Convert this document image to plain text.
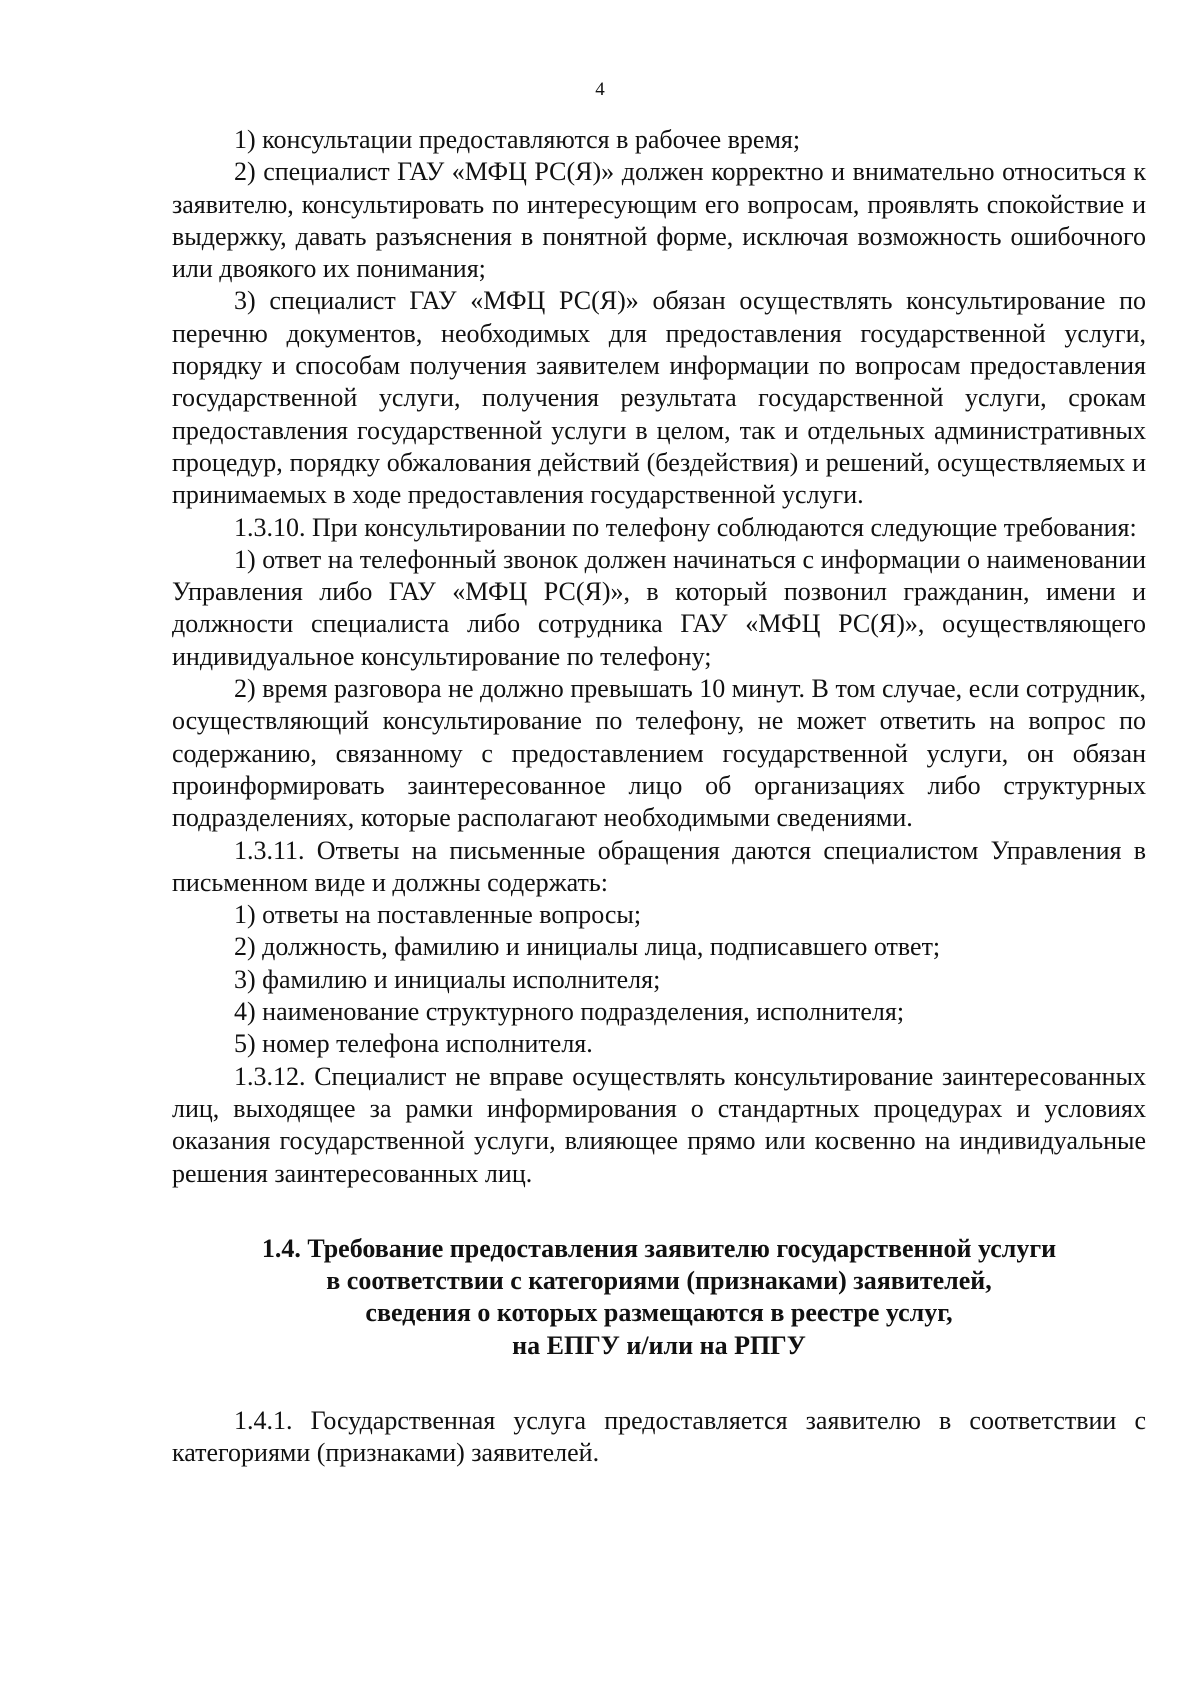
4

1) консультации предоставляются в рабочее время;

2) специалист ГАУ «МФЦ РС(Я)» должен корректно и внимательно относиться к заявителю, консультировать по интересующим его вопросам, проявлять спокойствие и выдержку, давать разъяснения в понятной форме, исключая возможность ошибочного или двоякого их понимания;

3) специалист ГАУ «МФЦ РС(Я)» обязан осуществлять консультирование по перечню документов, необходимых для предоставления государственной услуги, порядку и способам получения заявителем информации по вопросам предоставления государственной услуги, получения результата государственной услуги, срокам предоставления государственной услуги в целом, так и отдельных административных процедур, порядку обжалования действий (бездействия) и решений, осуществляемых и принимаемых в ходе предоставления государственной услуги.

1.3.10. При консультировании по телефону соблюдаются следующие требования:

1) ответ на телефонный звонок должен начинаться с информации о наименовании Управления либо ГАУ «МФЦ РС(Я)», в который позвонил гражданин, имени и должности специалиста либо сотрудника ГАУ «МФЦ РС(Я)», осуществляющего индивидуальное консультирование по телефону;

2) время разговора не должно превышать 10 минут. В том случае, если сотрудник, осуществляющий консультирование по телефону, не может ответить на вопрос по содержанию, связанному с предоставлением государственной услуги, он обязан проинформировать заинтересованное лицо об организациях либо структурных подразделениях, которые располагают необходимыми сведениями.

1.3.11. Ответы на письменные обращения даются специалистом Управления в письменном виде и должны содержать:

1) ответы на поставленные вопросы;

2) должность, фамилию и инициалы лица, подписавшего ответ;

3) фамилию и инициалы исполнителя;

4) наименование структурного подразделения, исполнителя;

5) номер телефона исполнителя.

1.3.12. Специалист не вправе осуществлять консультирование заинтересованных лиц, выходящее за рамки информирования о стандартных процедурах и условиях оказания государственной услуги, влияющее прямо или косвенно на индивидуальные решения заинтересованных лиц.

1.4. Требование предоставления заявителю государственной услуги
в соответствии с категориями (признаками) заявителей,
сведения о которых размещаются в реестре услуг,
на ЕПГУ и/или на РПГУ

1.4.1. Государственная услуга предоставляется заявителю в соответствии с категориями (признаками) заявителей.
